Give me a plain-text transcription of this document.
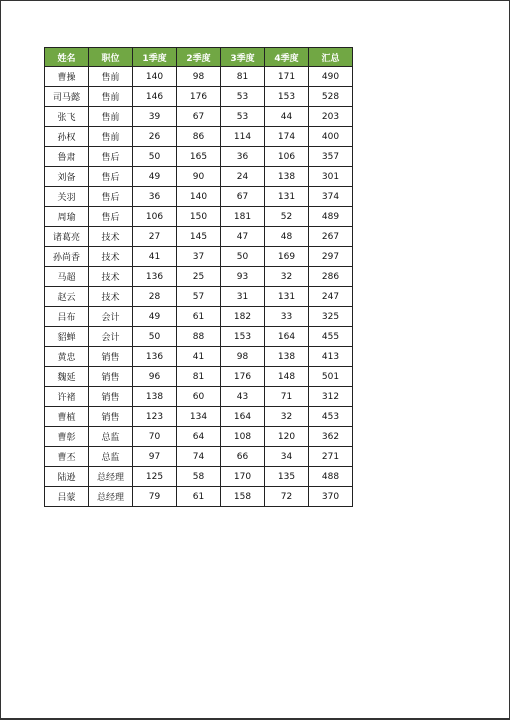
姓名	职位	1季度	2季度	3季度	4季度	汇总
曹操	售前	140	98	81	171	490
司马懿	售前	146	176	53	153	528
张飞	售前	39	67	53	44	203
孙权	售前	26	86	114	174	400
鲁肃	售后	50	165	36	106	357
刘备	售后	49	90	24	138	301
关羽	售后	36	140	67	131	374
周瑜	售后	106	150	181	52	489
诸葛亮	技术	27	145	47	48	267
孙尚香	技术	41	37	50	169	297
马超	技术	136	25	93	32	286
赵云	技术	28	57	31	131	247
吕布	会计	49	61	182	33	325
貂蝉	会计	50	88	153	164	455
黄忠	销售	136	41	98	138	413
魏延	销售	96	81	176	148	501
许褚	销售	138	60	43	71	312
曹植	销售	123	134	164	32	453
曹彰	总监	70	64	108	120	362
曹丕	总监	97	74	66	34	271
陆逊	总经理	125	58	170	135	488
吕蒙	总经理	79	61	158	72	370
